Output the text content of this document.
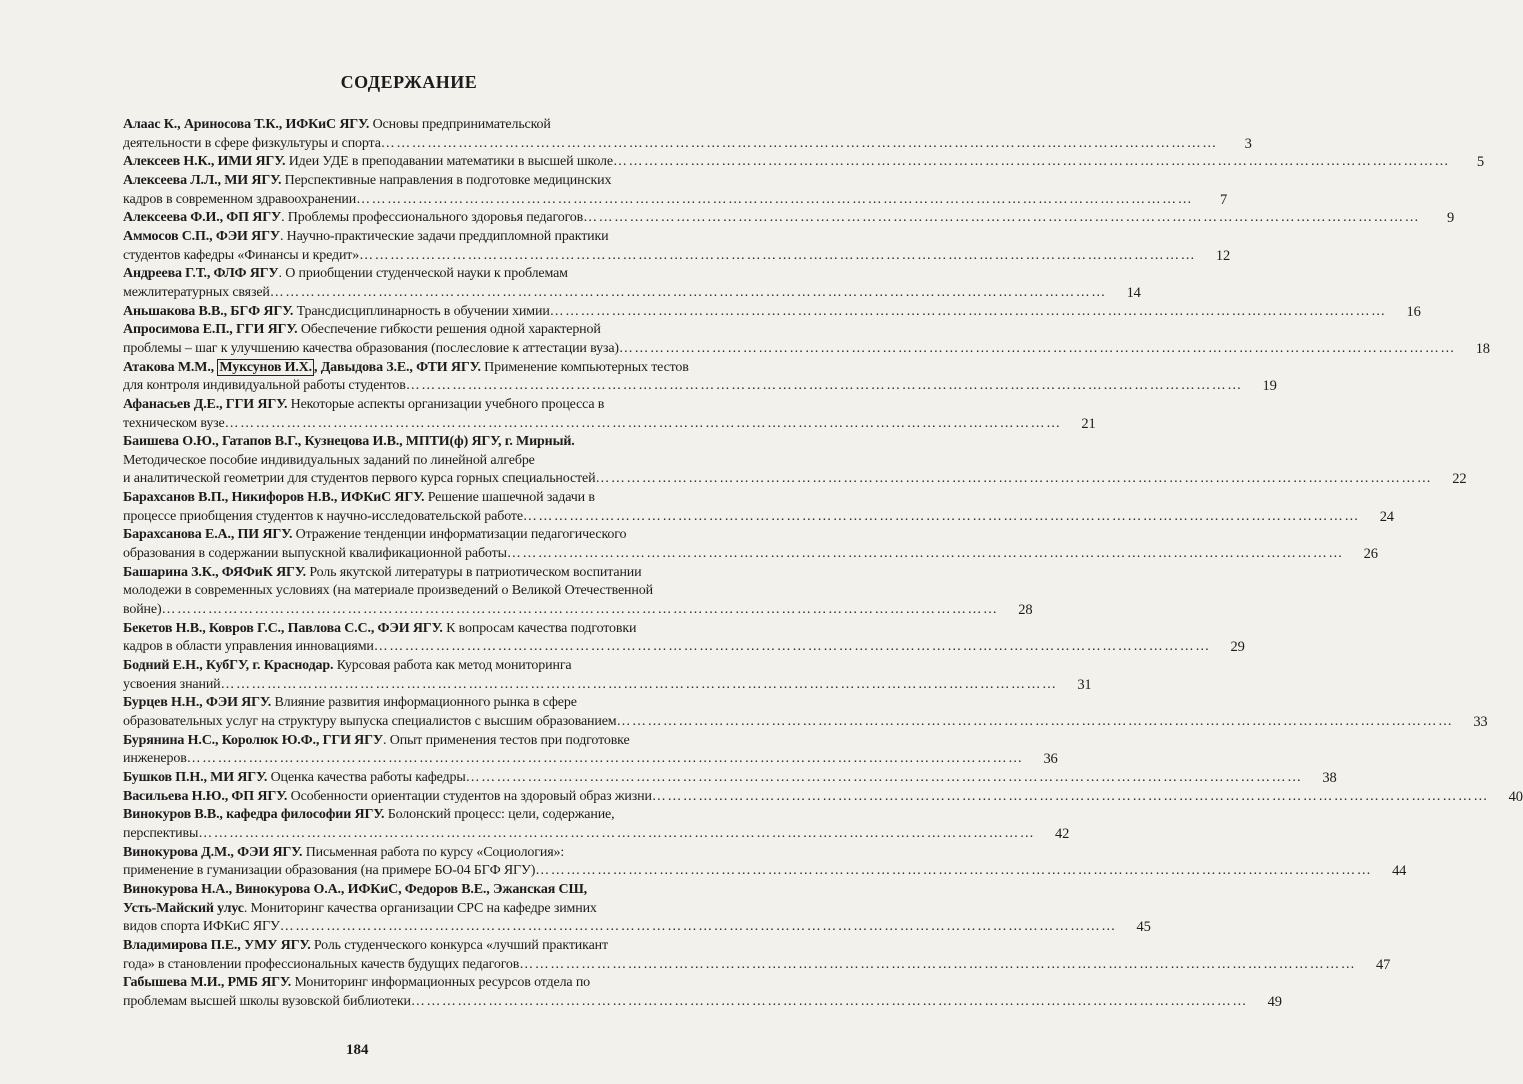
СОДЕРЖАНИЕ
Алаас К., Ариносова Т.К., ИФКиС ЯГУ. Основы предпринимательской
деятельности в сфере физкультуры и спорта ………………………………………………………………………………………………………………………………………………	3
Алексеев Н.К., ИМИ ЯГУ. Идеи УДЕ в преподавании математики в высшей школе ………………………………………………………………………………………………………………………………………………	5
Алексеева Л.Л., МИ ЯГУ. Перспективные направления в подготовке медицинских
кадров в современном здравоохранении ………………………………………………………………………………………………………………………………………………	7
Алексеева Ф.И., ФП ЯГУ. Проблемы профессионального здоровья педагогов ………………………………………………………………………………………………………………………………………………	9
Аммосов С.П., ФЭИ ЯГУ. Научно-практические задачи преддипломной практики
студентов кафедры «Финансы и кредит» ………………………………………………………………………………………………………………………………………………	12
Андреева Г.Т., ФЛФ ЯГУ. О приобщении студенческой науки к проблемам
межлитературных связей ………………………………………………………………………………………………………………………………………………	14
Аньшакова В.В., БГФ ЯГУ. Трансдисциплинарность в обучении химии ………………………………………………………………………………………………………………………………………………	16
Апросимова Е.П., ГГИ ЯГУ. Обеспечение гибкости решения одной характерной
проблемы – шаг к улучшению качества образования (послесловие к аттестации вуза) ………………………………………………………………………………………………………………………………………………	18
Атакова М.М., Муксунов И.Х. , Давыдова З.Е., ФТИ ЯГУ. Применение компьютерных тестов
для контроля индивидуальной работы студентов ………………………………………………………………………………………………………………………………………………	19
Афанасьев Д.Е., ГГИ ЯГУ. Некоторые аспекты организации учебного процесса в
техническом вузе ………………………………………………………………………………………………………………………………………………	21
Баишева О.Ю., Гатапов В.Г., Кузнецова И.В., МПТИ(ф) ЯГУ, г. Мирный.
Методическое пособие индивидуальных заданий по линейной алгебре
и аналитической геометрии для студентов первого курса горных специальностей ………………………………………………………………………………………………………………………………………………	22
Барахсанов В.П., Никифоров Н.В., ИФКиС ЯГУ. Решение шашечной задачи в
процессе приобщения студентов к научно-исследовательской работе ………………………………………………………………………………………………………………………………………………	24
Барахсанова Е.А., ПИ ЯГУ. Отражение тенденции информатизации педагогического
образования в содержании выпускной квалификационной работы ………………………………………………………………………………………………………………………………………………	26
Башарина З.К., ФЯФиК ЯГУ. Роль якутской литературы в патриотическом воспитании
молодежи в современных условиях (на материале произведений о Великой Отечественной
войне) ………………………………………………………………………………………………………………………………………………	28
Бекетов Н.В., Ковров Г.С., Павлова С.С., ФЭИ ЯГУ. К вопросам качества подготовки
кадров в области управления инновациями ………………………………………………………………………………………………………………………………………………	29
Бодний Е.Н., КубГУ, г. Краснодар. Курсовая работа как метод мониторинга
усвоения знаний ………………………………………………………………………………………………………………………………………………	31
Бурцев Н.Н., ФЭИ ЯГУ. Влияние развития информационного рынка в сфере
образовательных услуг на структуру выпуска специалистов с высшим образованием ………………………………………………………………………………………………………………………………………………	33
Бурянина Н.С., Королюк Ю.Ф., ГГИ ЯГУ. Опыт применения тестов при подготовке
инженеров ………………………………………………………………………………………………………………………………………………	36
Бушков П.Н., МИ ЯГУ. Оценка качества работы кафедры ………………………………………………………………………………………………………………………………………………	38
Васильева Н.Ю., ФП ЯГУ. Особенности ориентации студентов на здоровый образ жизни ………………………………………………………………………………………………………………………………………………	40
Винокуров В.В., кафедра философии ЯГУ. Болонский процесс: цели, содержание,
перспективы ………………………………………………………………………………………………………………………………………………	42
Винокурова Д.М., ФЭИ ЯГУ. Письменная работа по курсу «Социология»:
применение в гуманизации образования (на примере БО-04 БГФ ЯГУ) ………………………………………………………………………………………………………………………………………………	44
Винокурова Н.А., Винокурова О.А., ИФКиС, Федоров В.Е., Эжанская СШ,
Усть-Майский улус. Мониторинг качества организации СРС на кафедре зимних
видов спорта ИФКиС ЯГУ ………………………………………………………………………………………………………………………………………………	45
Владимирова П.Е., УМУ ЯГУ. Роль студенческого конкурса «лучший практикант
года» в становлении профессиональных качеств будущих педагогов ………………………………………………………………………………………………………………………………………………	47
Габышева М.И., РМБ ЯГУ. Мониторинг информационных ресурсов отдела по
проблемам высшей школы вузовской библиотеки ………………………………………………………………………………………………………………………………………………	49
184
